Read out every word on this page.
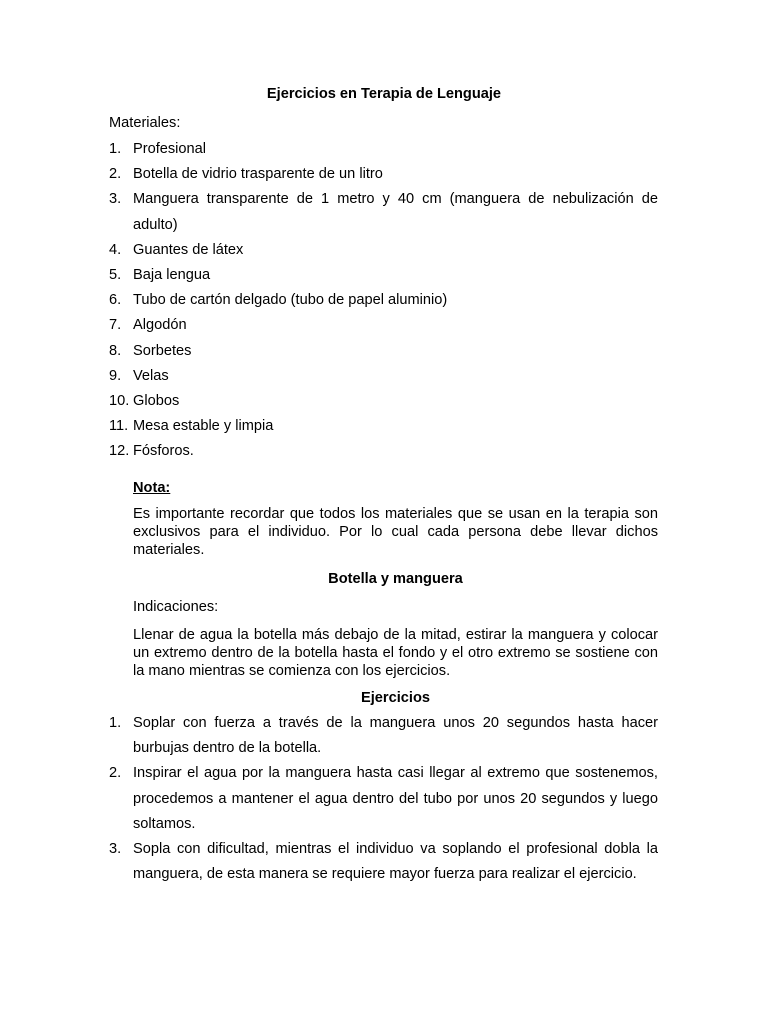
Ejercicios en Terapia de Lenguaje
Materiales:
1. Profesional
2. Botella de vidrio trasparente de un litro
3. Manguera transparente de 1 metro y 40 cm (manguera de nebulización de adulto)
4. Guantes de látex
5. Baja lengua
6. Tubo de cartón delgado (tubo de papel aluminio)
7. Algodón
8. Sorbetes
9. Velas
10. Globos
11. Mesa estable y limpia
12. Fósforos.
Nota:
Es importante recordar que todos los materiales que se usan en la terapia son exclusivos para el individuo. Por lo cual cada persona debe llevar dichos materiales.
Botella y manguera
Indicaciones:
Llenar de agua la botella más debajo de la mitad, estirar la manguera y colocar un extremo dentro de la botella hasta el fondo y el otro extremo se sostiene con la mano mientras se comienza con los ejercicios.
Ejercicios
1. Soplar con fuerza a través de la manguera unos 20 segundos hasta hacer burbujas dentro de la botella.
2. Inspirar el agua por la manguera hasta casi llegar al extremo que sostenemos, procedemos a mantener el agua dentro del tubo por unos 20 segundos y luego soltamos.
3. Sopla con dificultad, mientras el individuo va soplando el profesional dobla la manguera, de esta manera se requiere mayor fuerza para realizar el ejercicio.
